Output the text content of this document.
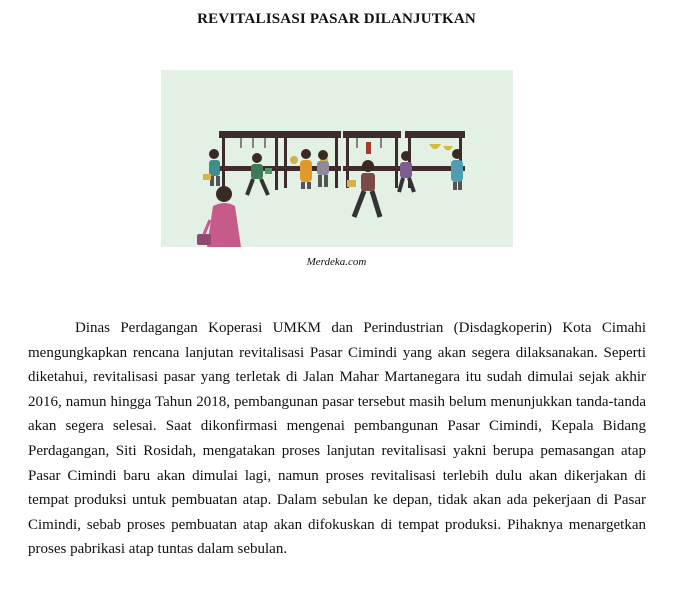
REVITALISASI PASAR DILANJUTKAN
Merdeka.com

Dinas Perdagangan Koperasi UMKM dan Perindustrian (Disdagkoperin) Kota Cimahi mengungkapkan rencana lanjutan revitalisasi Pasar Cimindi yang akan segera dilaksanakan. Seperti diketahui, revitalisasi pasar yang terletak di Jalan Mahar Martanegara itu sudah dimulai sejak akhir 2016, namun hingga Tahun 2018, pembangunan pasar tersebut masih belum menunjukkan tanda-tanda akan segera selesai. Saat dikonfirmasi mengenai pembangunan Pasar Cimindi, Kepala Bidang Perdagangan, Siti Rosidah, mengatakan proses lanjutan revitalisasi yakni berupa pemasangan atap Pasar Cimindi baru akan dimulai lagi, namun proses revitalisasi terlebih dulu akan dikerjakan di tempat produksi untuk pembuatan atap. Dalam sebulan ke depan, tidak akan ada pekerjaan di Pasar Cimindi, sebab proses pembuatan atap akan difokuskan di tempat produksi. Pihaknya menargetkan proses pabrikasi atap tuntas dalam sebulan.
